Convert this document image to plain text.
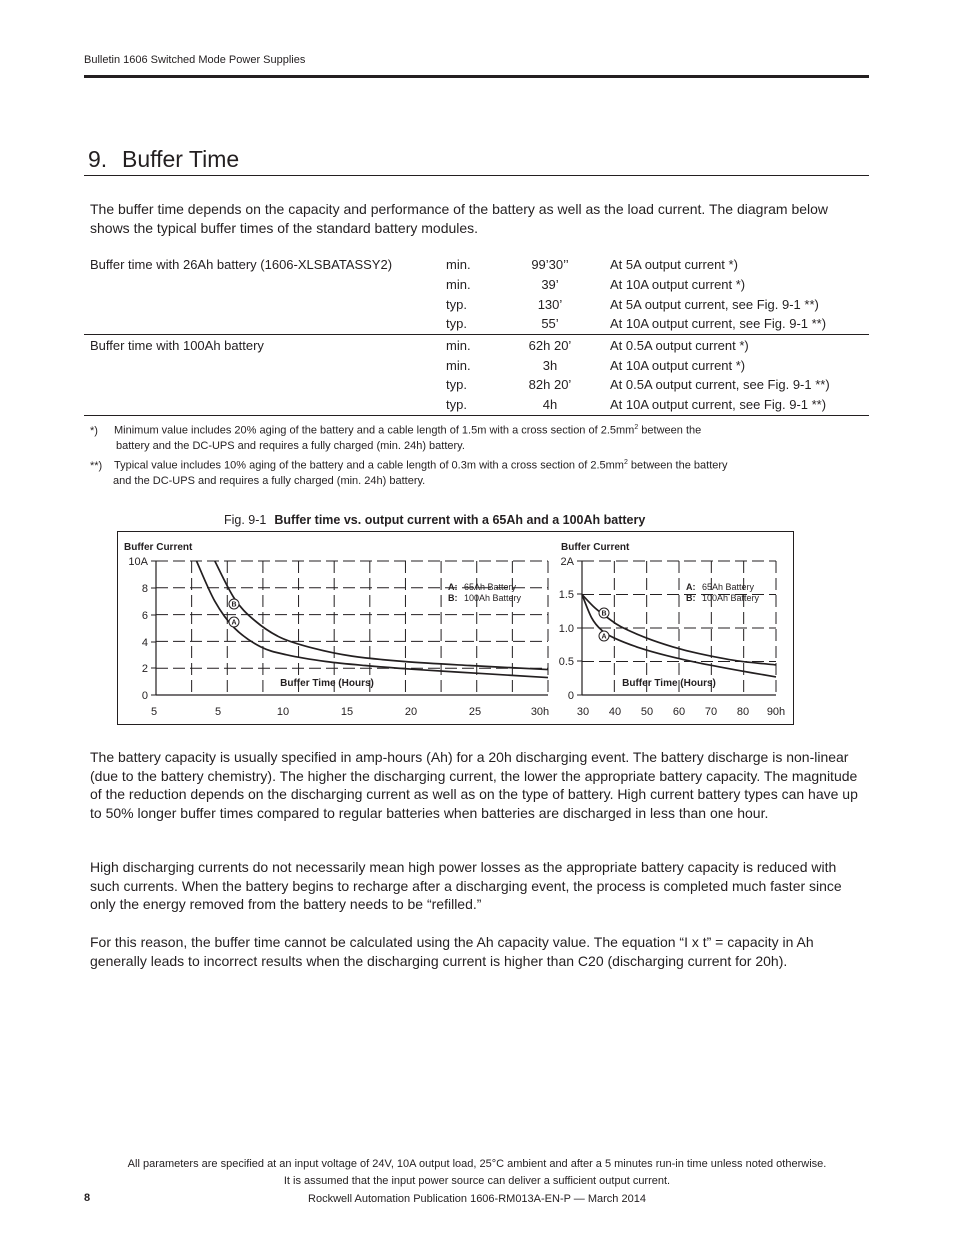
Bulletin 1606 Switched Mode Power Supplies
9. Buffer Time
The buffer time depends on the capacity and performance of the battery as well as the load current. The diagram below shows the typical buffer times of the standard battery modules.
Buffer time with 26Ah battery (1606-XLSBATASSY2)	min.	99’30’’	At 5A output current *)
	min.	39’	At 10A output current *)
	typ.	130’	At 5A output current, see Fig. 9-1 **)
	typ.	55’	At 10A output current, see Fig. 9-1 **)
Buffer time with 100Ah battery	min.	62h 20’	At 0.5A output current *)
	min.	3h	At 10A output current *)
	typ.	82h 20’	At 0.5A output current, see Fig. 9-1 **)
	typ.	4h	At 10A output current, see Fig. 9-1 **)
*) Minimum value includes 20% aging of the battery and a cable length of 1.5m with a cross section of $2.5mm^2$ between the
battery and the DC-UPS and requires a fully charged (min. 24h) battery.
**) Typical value includes 10% aging of the battery and a cable length of 0.3m with a cross section of $2.5mm^2$ between the battery
and the DC-UPS and requires a fully charged (min. 24h) battery.
Fig. 9-1 Buffer time vs. output current with a 65Ah and a 100Ah battery
0
2
4
6
8
10A
5	5	10	15	20	25	30h
Buffer Current
Buffer Time (Hours)
A: 65Ah Battery
B: 100Ah Battery
B
A
0
0.5
1.0
1.5
2A
30 40 50 60 70 80 90h
Buffer Current
Buffer Time (Hours)
A: 65Ah Battery
B: 100Ah Battery
B
A
The battery capacity is usually specified in amp-hours (Ah) for a 20h discharging event. The battery discharge is non-linear (due to the battery chemistry). The higher the discharging current, the lower the appropriate battery capacity. The magnitude of the reduction depends on the discharging current as well as on the type of battery. High current battery types can have up to 50% longer buffer times compared to regular batteries when batteries are discharged in less than one hour.
High discharging currents do not necessarily mean high power losses as the appropriate battery capacity is reduced with such currents. When the battery begins to recharge after a discharging event, the process is completed much faster since only the energy removed from the battery needs to be “refilled.”
For this reason, the buffer time cannot be calculated using the Ah capacity value. The equation “I x t” = capacity in Ah generally leads to incorrect results when the discharging current is higher than C20 (discharging current for 20h).
All parameters are specified at an input voltage of 24V, 10A output load, 25°C ambient and after a 5 minutes run-in time unless noted otherwise.
It is assumed that the input power source can deliver a sufficient output current.
Rockwell Automation Publication 1606-RM013A-EN-P — March 2014
8
